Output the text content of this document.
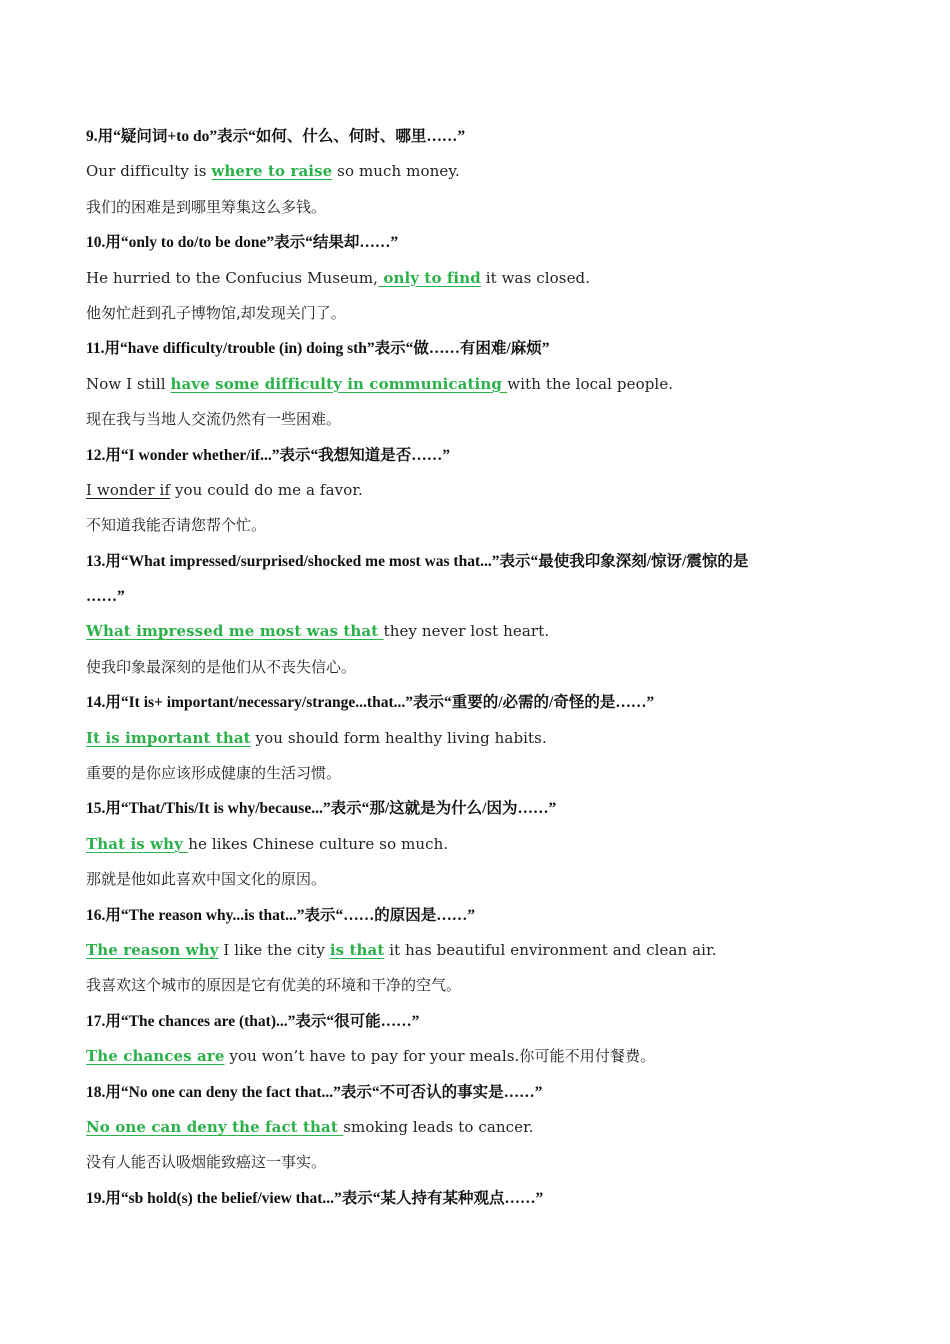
9.用“疑问词+to do”表示“如何、什么、何时、哪里……”
Our difficulty is where to raise so much money.
我们的困难是到哪里筹集这么多钱。
10.用“only to do/to be done”表示“结果却……”
He hurried to the Confucius Museum, only to find it was closed.
他匆忙赶到孔子博物馆,却发现关门了。
11.用“have difficulty/trouble (in) doing sth”表示“做……有困难/麻烦”
Now I still have some difficulty in communicating with the local people.
现在我与当地人交流仍然有一些困难。
12.用“I wonder whether/if...”表示“我想知道是否……”
I wonder if you could do me a favor.
不知道我能否请您帮个忙。
13.用“What impressed/surprised/shocked me most was that...”表示“最使我印象深刻/惊讶/震惊的是
……”
What impressed me most was that they never lost heart.
使我印象最深刻的是他们从不丧失信心。
14.用“It is+ important/necessary/strange...that...”表示“重要的/必需的/奇怪的是……”
It is important that you should form healthy living habits.
重要的是你应该形成健康的生活习惯。
15.用“That/This/It is why/because...”表示“那/这就是为什么/因为……”
That is why he likes Chinese culture so much.
那就是他如此喜欢中国文化的原因。
16.用“The reason why...is that...”表示“……的原因是……”
The reason why I like the city is that it has beautiful environment and clean air.
我喜欢这个城市的原因是它有优美的环境和干净的空气。
17.用“The chances are (that)...”表示“很可能……”
The chances are you won’t have to pay for your meals.你可能不用付餐费。
18.用“No one can deny the fact that...”表示“不可否认的事实是……”
No one can deny the fact that smoking leads to cancer.
没有人能否认吸烟能致癌这一事实。
19.用“sb hold(s) the belief/view that...”表示“某人持有某种观点……”
